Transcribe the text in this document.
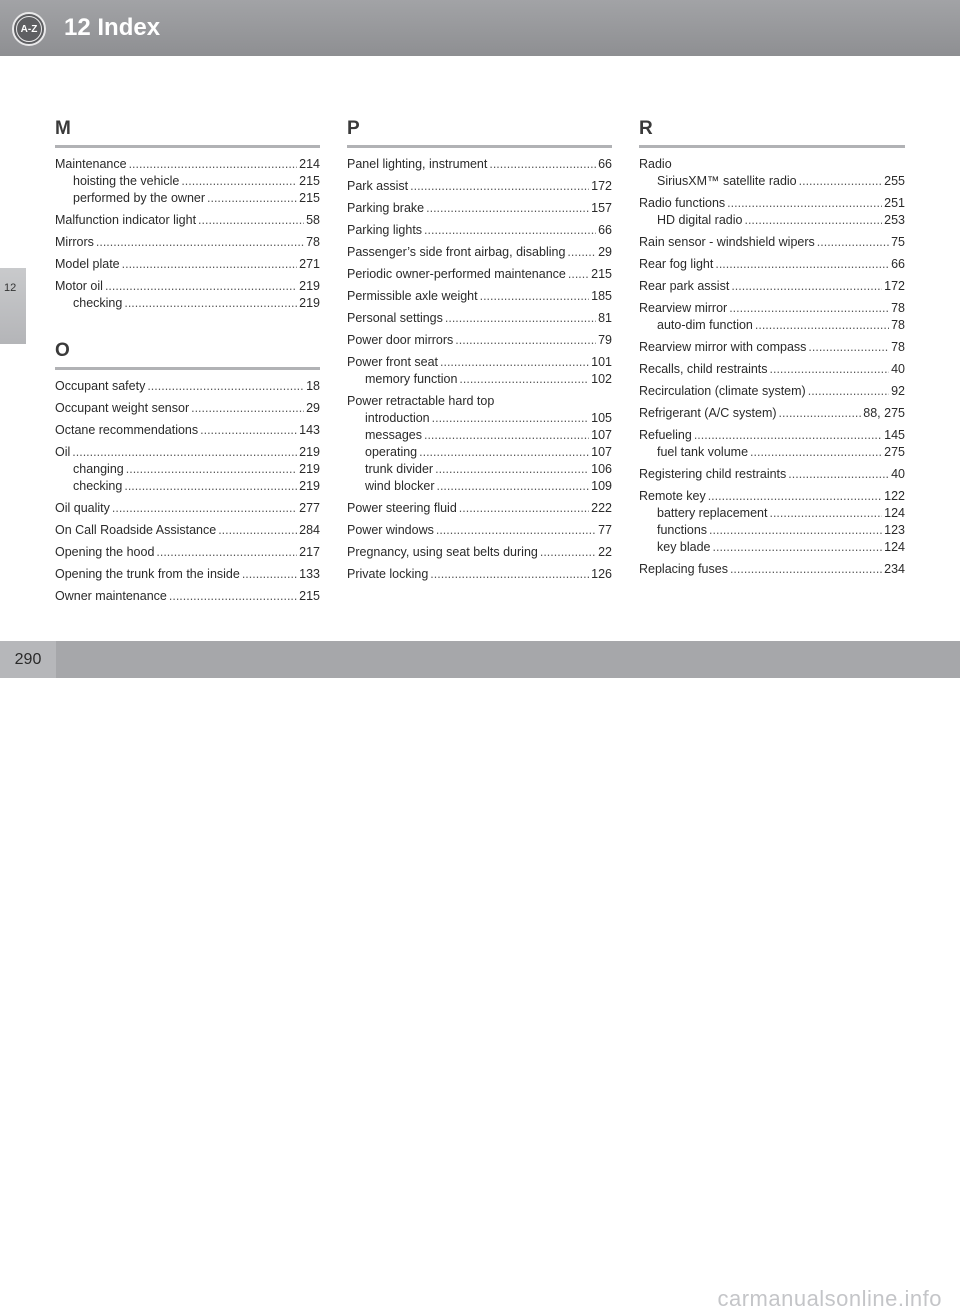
A-Z 12 Index
12
M
Maintenance .....	214
hoisting the vehicle .....	215
performed by the owner .....	215
Malfunction indicator light .....	58
Mirrors .....	78
Model plate .....	271
Motor oil .....	219
checking .....	219
O
Occupant safety .....	18
Occupant weight sensor .....	29
Octane recommendations .....	143
Oil .....	219
changing .....	219
checking .....	219
Oil quality .....	277
On Call Roadside Assistance .....	284
Opening the hood .....	217
Opening the trunk from the inside .....	133
Owner maintenance .....	215
P
Panel lighting, instrument .....	66
Park assist .....	172
Parking brake .....	157
Parking lights .....	66
Passenger’s side front airbag, disabling .....	29
Periodic owner-performed maintenance ..... 215
Permissible axle weight .....	185
Personal settings .....	81
Power door mirrors .....	79
Power front seat .....	101
memory function .....	102
Power retractable hard top
introduction .....	105
messages .....	107
operating .....	107
trunk divider .....	106
wind blocker .....	109
Power steering fluid .....	222
Power windows .....	77
Pregnancy, using seat belts during .....	22
Private locking .....	126
R
Radio
SiriusXM™ satellite radio .....	255
Radio functions .....	251
HD digital radio .....	253
Rain sensor - windshield wipers .....	75
Rear fog light .....	66
Rear park assist .....	172
Rearview mirror .....	78
auto-dim function .....	78
Rearview mirror with compass .....	78
Recalls, child restraints .....	40
Recirculation (climate system) .....	92
Refrigerant (A/C system) .....	88, 275
Refueling .....	145
fuel tank volume .....	275
Registering child restraints .....	40
Remote key .....	122
battery replacement .....	124
functions .....	123
key blade .....	124
Replacing fuses .....	234
carmanualsonline.info
290
